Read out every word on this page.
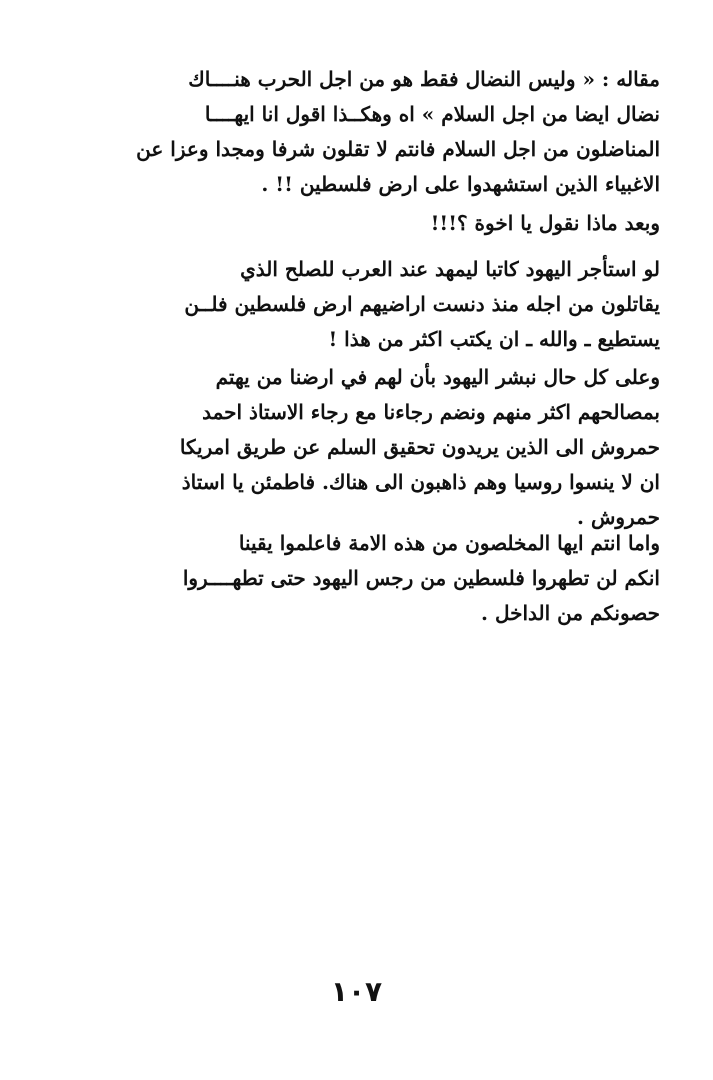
مقاله : « وليس النضال فقط هو من اجل الحرب هنــــاك
نضال ايضا من اجل السلام » اه وهكــذا اقول انا ايهــــا
المناضلون من اجل السلام فانتم لا تقلون شرفا ومجدا وعزا عن
الاغبياء الذين استشهدوا على ارض فلسطين !! .
وبعد ماذا نقول يا اخوة ؟!!!
لو استأجر اليهود كاتبا ليمهد عند العرب للصلح الذي
يقاتلون من اجله منذ دنست اراضيهم ارض فلسطين فلــن
يستطيع ـ والله ـ ان يكتب اكثر من هذا !
وعلى كل حال نبشر اليهود بأن لهم في ارضنا من يهتم
بمصالحهم اكثر منهم ونضم رجاءنا مع رجاء الاستاذ احمد
حمروش الى الذين يريدون تحقيق السلم عن طريق امريكا
ان لا ينسوا روسيا وهم ذاهبون الى هناك. فاطمئن يا استاذ
حمروش .
واما انتم ايها المخلصون من هذه الامة فاعلموا يقينا
انكم لن تطهروا فلسطين من رجس اليهود حتى تطهــــروا
حصونكم من الداخل .
١٠٧
